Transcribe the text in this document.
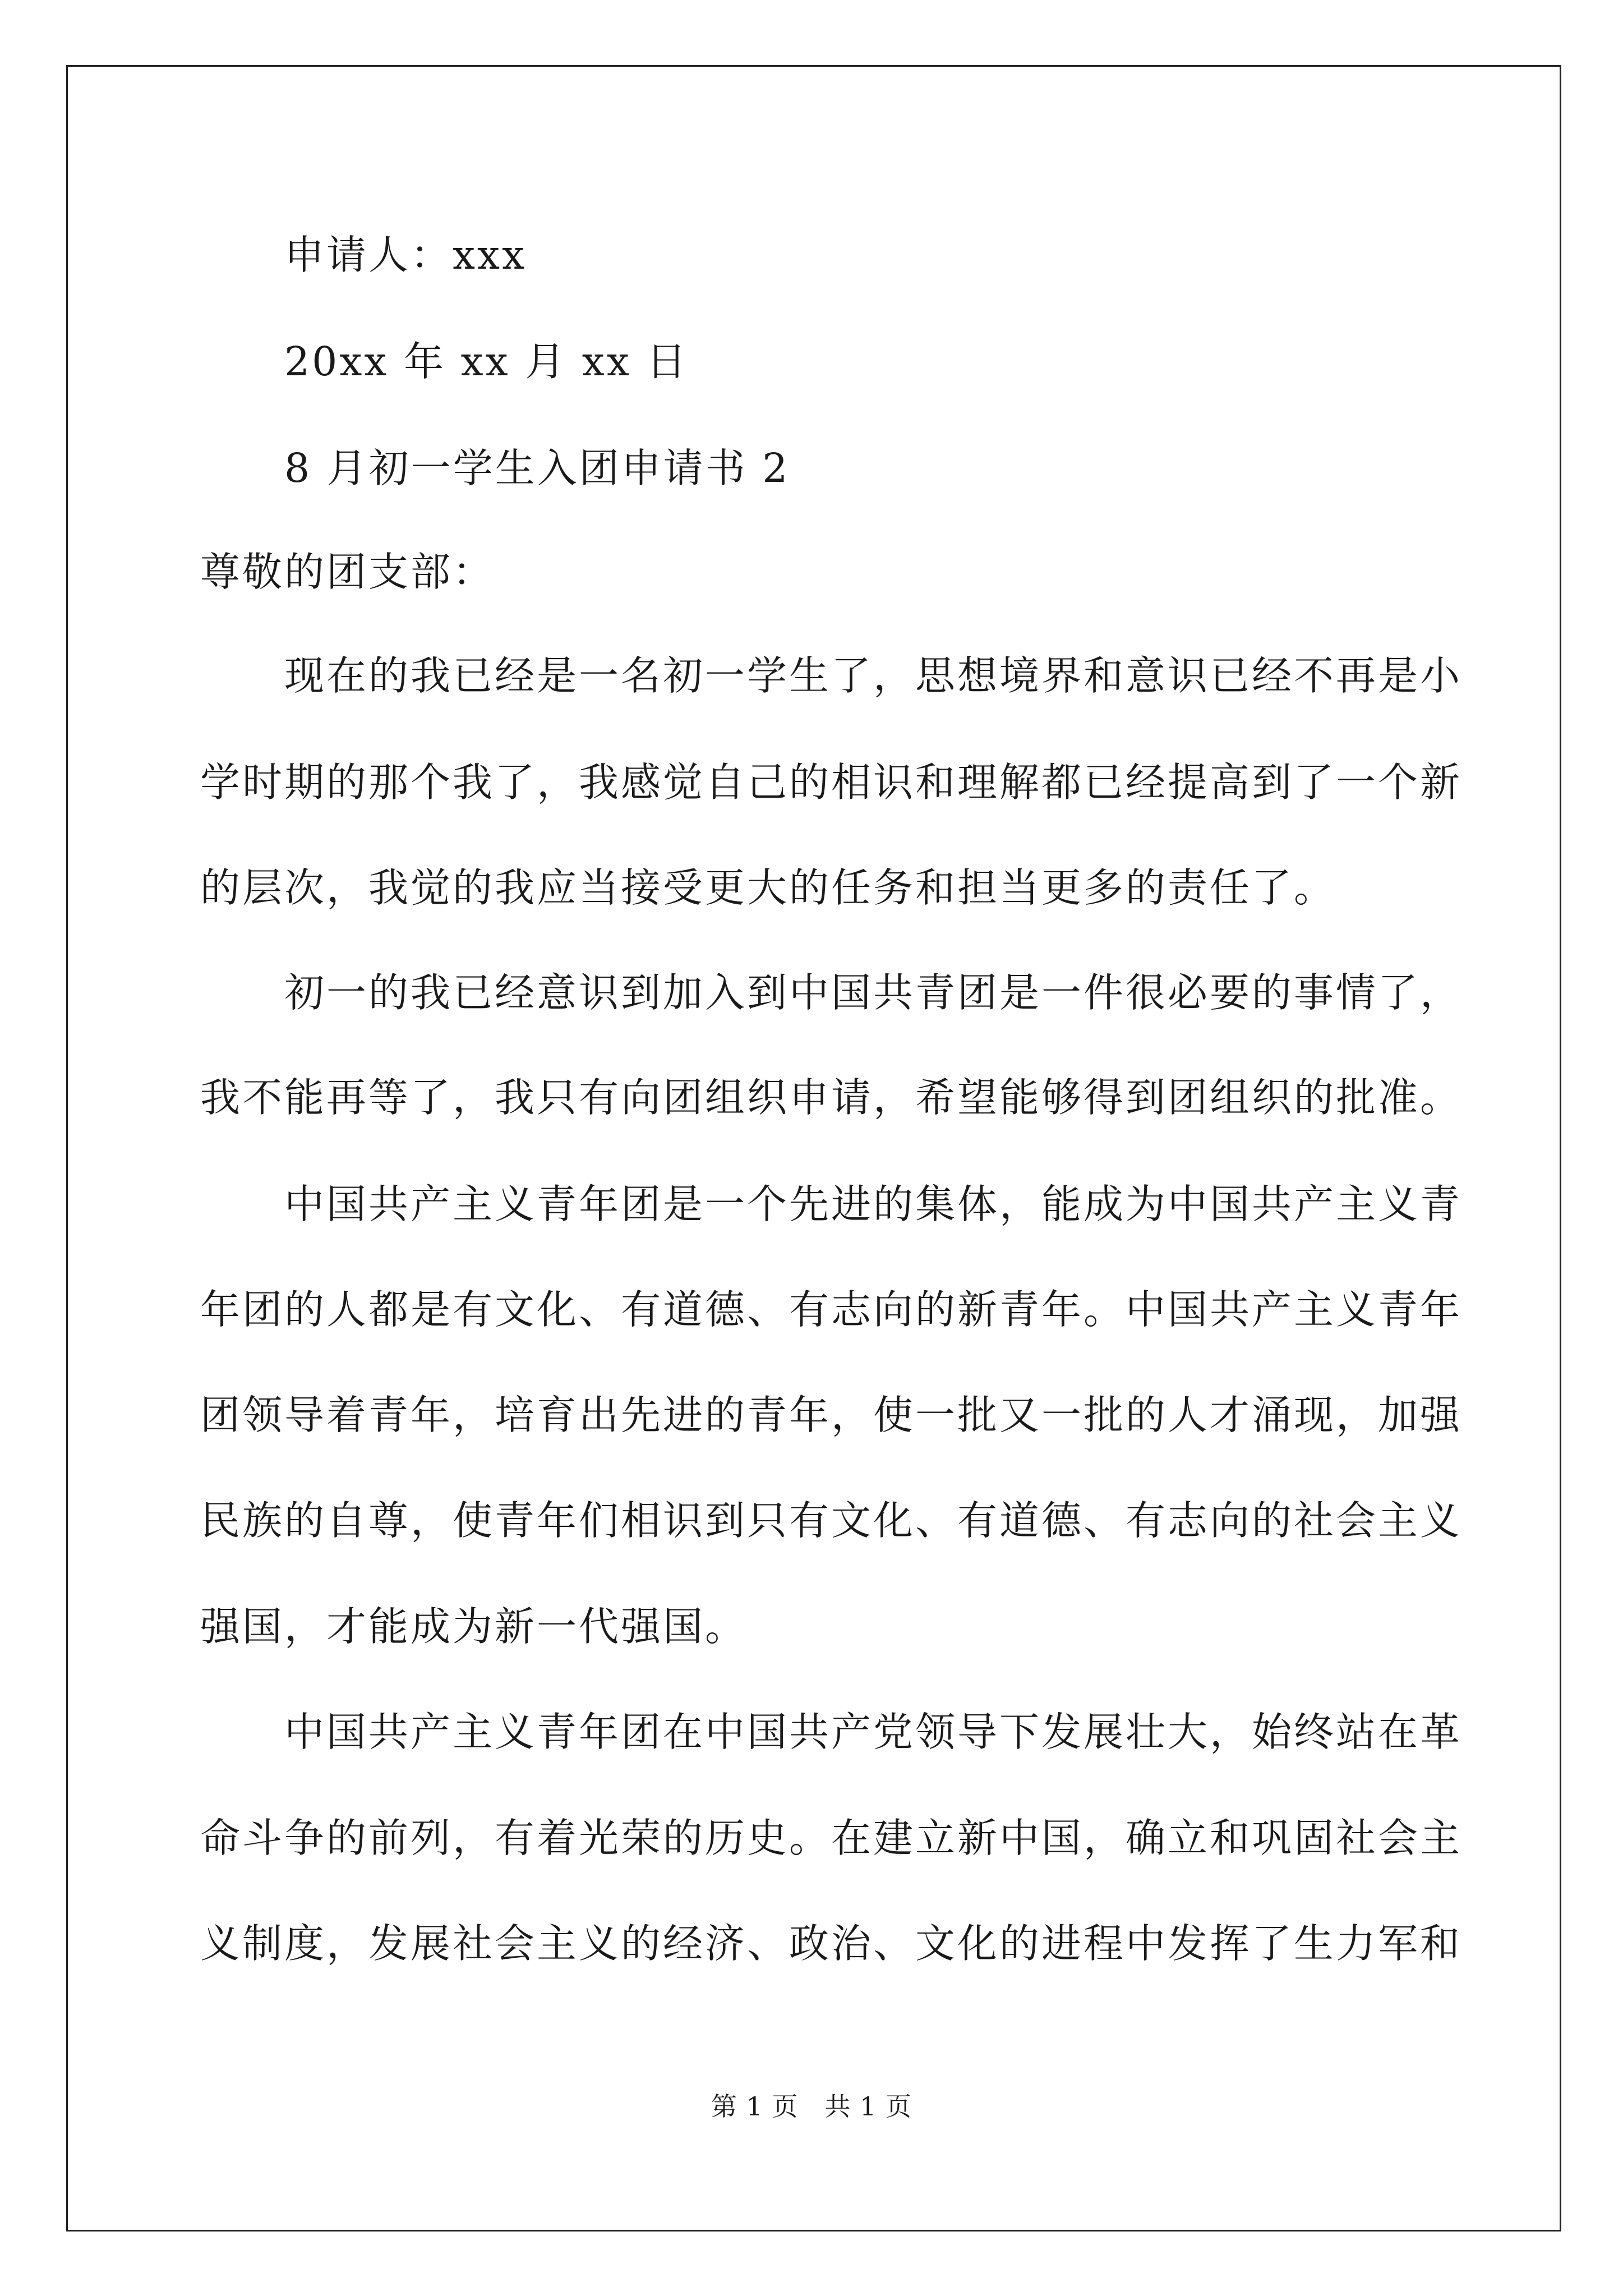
申请人：xxx
20xx 年 xx 月 xx 日
8 月初一学生入团申请书 2
尊敬的团支部：
现在的我已经是一名初一学生了，思想境界和意识已经不再是小
学时期的那个我了，我感觉自己的相识和理解都已经提高到了一个新
的层次，我觉的我应当接受更大的任务和担当更多的责任了。
初一的我已经意识到加入到中国共青团是一件很必要的事情了，
我不能再等了，我只有向团组织申请，希望能够得到团组织的批准。
中国共产主义青年团是一个先进的集体，能成为中国共产主义青
年团的人都是有文化、有道德、有志向的新青年。中国共产主义青年
团领导着青年，培育出先进的青年，使一批又一批的人才涌现，加强
民族的自尊，使青年们相识到只有文化、有道德、有志向的社会主义
强国，才能成为新一代强国。
中国共产主义青年团在中国共产党领导下发展壮大，始终站在革
命斗争的前列，有着光荣的历史。在建立新中国，确立和巩固社会主
义制度，发展社会主义的经济、政治、文化的进程中发挥了生力军和
第 1 页　共 1 页
